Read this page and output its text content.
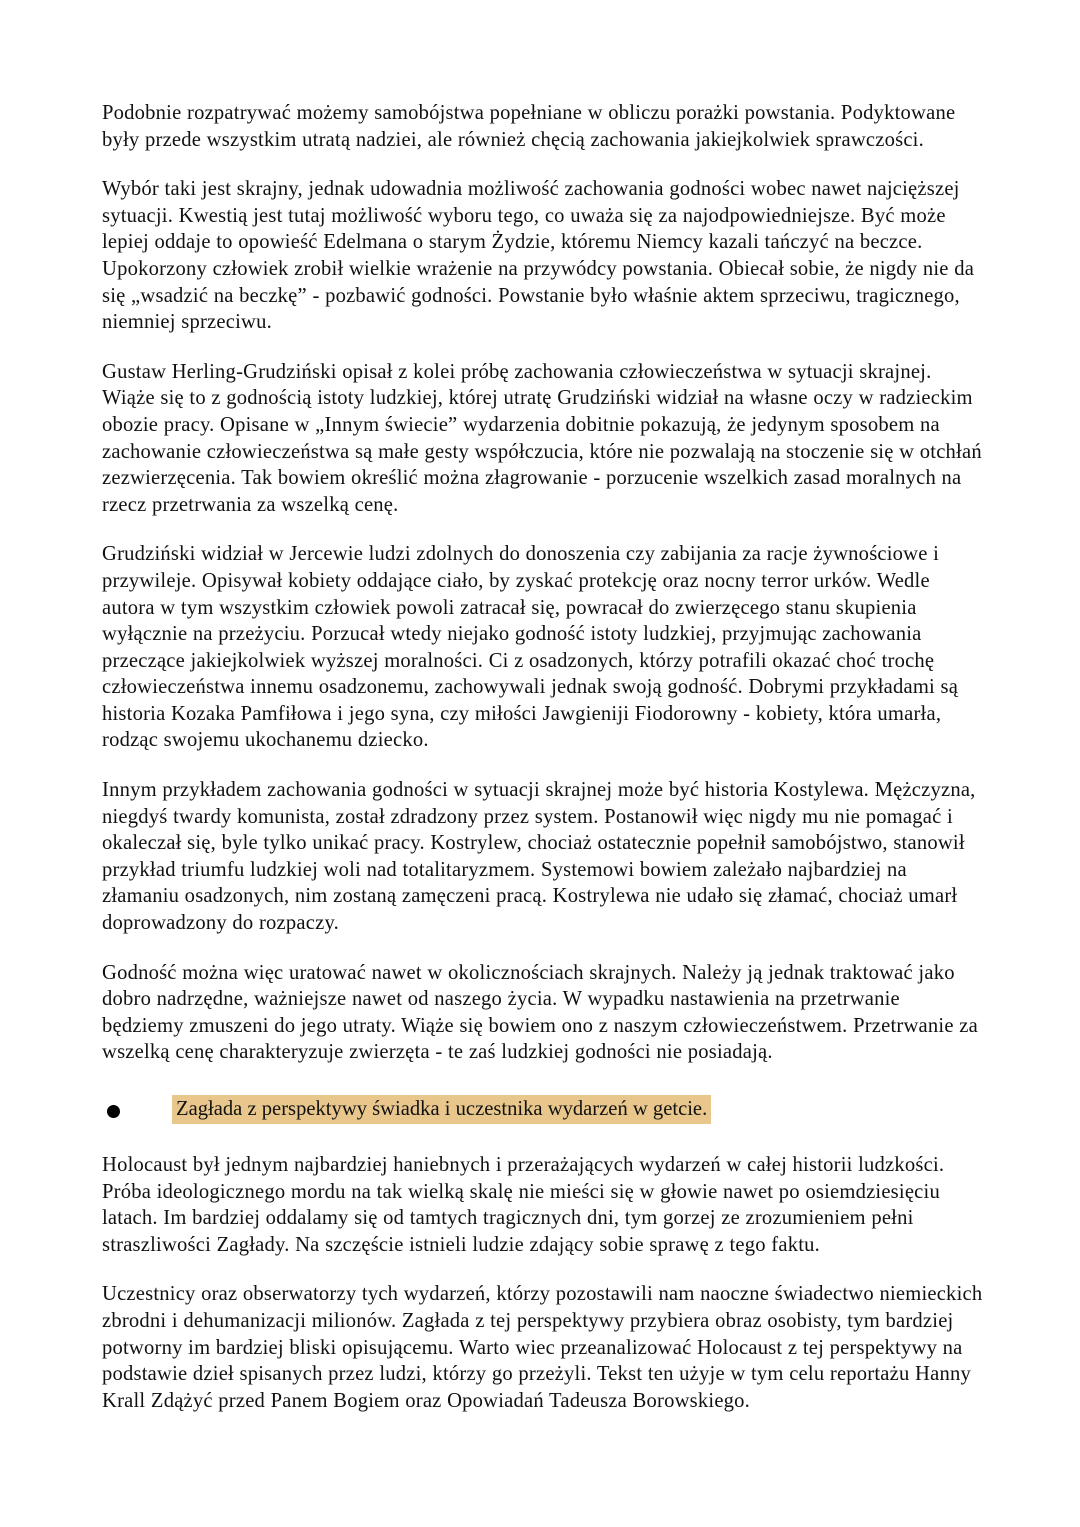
Podobnie rozpatrywać możemy samobójstwa popełniane w obliczu porażki powstania. Podyktowane były przede wszystkim utratą nadziei, ale również chęcią zachowania jakiejkolwiek sprawczości.

Wybór taki jest skrajny, jednak udowadnia możliwość zachowania godności wobec nawet najcięższej sytuacji. Kwestią jest tutaj możliwość wyboru tego, co uważa się za najodpowiedniejsze. Być może lepiej oddaje to opowieść Edelmana o starym Żydzie, któremu Niemcy kazali tańczyć na beczce. Upokorzony człowiek zrobił wielkie wrażenie na przywódcy powstania. Obiecał sobie, że nigdy nie da się „wsadzić na beczkę” - pozbawić godności. Powstanie było właśnie aktem sprzeciwu, tragicznego, niemniej sprzeciwu.

Gustaw Herling-Grudziński opisał z kolei próbę zachowania człowieczeństwa w sytuacji skrajnej. Wiąże się to z godnością istoty ludzkiej, której utratę Grudziński widział na własne oczy w radzieckim obozie pracy. Opisane w „Innym świecie” wydarzenia dobitnie pokazują, że jedynym sposobem na zachowanie człowieczeństwa są małe gesty współczucia, które nie pozwalają na stoczenie się w otchłań zezwierzęcenia. Tak bowiem określić można złagrowanie - porzucenie wszelkich zasad moralnych na rzecz przetrwania za wszelką cenę.

Grudziński widział w Jercewie ludzi zdolnych do donoszenia czy zabijania za racje żywnościowe i przywileje. Opisywał kobiety oddające ciało, by zyskać protekcję oraz nocny terror urków. Wedle autora w tym wszystkim człowiek powoli zatracał się, powracał do zwierzęcego stanu skupienia wyłącznie na przeżyciu. Porzucał wtedy niejako godność istoty ludzkiej, przyjmując zachowania przeczące jakiejkolwiek wyższej moralności. Ci z osadzonych, którzy potrafili okazać choć trochę człowieczeństwa innemu osadzonemu, zachowywali jednak swoją godność. Dobrymi przykładami są historia Kozaka Pamfiłowa i jego syna, czy miłości Jawgieniji Fiodorowny - kobiety, która umarła, rodząc swojemu ukochanemu dziecko.

Innym przykładem zachowania godności w sytuacji skrajnej może być historia Kostylewa. Mężczyzna, niegdyś twardy komunista, został zdradzony przez system. Postanowił więc nigdy mu nie pomagać i okaleczał się, byle tylko unikać pracy. Kostrylew, chociaż ostatecznie popełnił samobójstwo, stanowił przykład triumfu ludzkiej woli nad totalitaryzmem. Systemowi bowiem zależało najbardziej na złamaniu osadzonych, nim zostaną zamęczeni pracą. Kostrylewa nie udało się złamać, chociaż umarł doprowadzony do rozpaczy.

Godność można więc uratować nawet w okolicznościach skrajnych. Należy ją jednak traktować jako dobro nadrzędne, ważniejsze nawet od naszego życia. W wypadku nastawienia na przetrwanie będziemy zmuszeni do jego utraty. Wiąże się bowiem ono z naszym człowieczeństwem. Przetrwanie za wszelką cenę charakteryzuje zwierzęta - te zaś ludzkiej godności nie posiadają.

Zagłada z perspektywy świadka i uczestnika wydarzeń w getcie.

Holocaust był jednym najbardziej haniebnych i przerażających wydarzeń w całej historii ludzkości. Próba ideologicznego mordu na tak wielką skalę nie mieści się w głowie nawet po osiemdziesięciu latach. Im bardziej oddalamy się od tamtych tragicznych dni, tym gorzej ze zrozumieniem pełni straszliwości Zagłady. Na szczęście istnieli ludzie zdający sobie sprawę z tego faktu.

Uczestnicy oraz obserwatorzy tych wydarzeń, którzy pozostawili nam naoczne świadectwo niemieckich zbrodni i dehumanizacji milionów. Zagłada z tej perspektywy przybiera obraz osobisty, tym bardziej potworny im bardziej bliski opisującemu. Warto wiec przeanalizować Holocaust z tej perspektywy na podstawie dzieł spisanych przez ludzi, którzy go przeżyli. Tekst ten użyje w tym celu reportażu Hanny Krall Zdążyć przed Panem Bogiem oraz Opowiadań Tadeusza Borowskiego.
